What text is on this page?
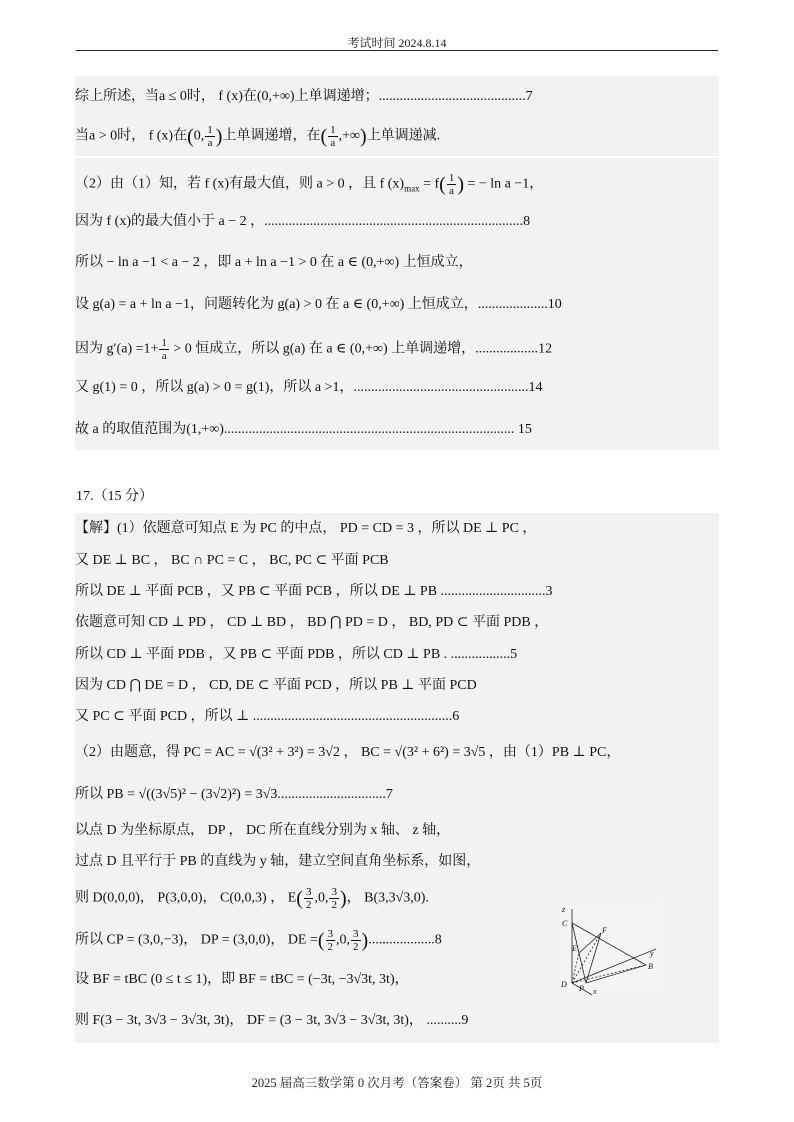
考试时间 2024.8.14
综上所述，当a ≤ 0时， f (x)在(0,+∞)上单调递增；..........................................7
当a > 0时， f (x)在(0, $\frac{1}{a}$ )上单调递增，在( $\frac{1}{a}$ ,+∞)上单调递减.
（2）由（1）知，若 f (x)有最大值，则 a > 0 ，且 f $(x)_{max} = f( \frac{1}{a}$ ) = − ln a −1，
因为 f (x)的最大值小于 a − 2 ，..........................................................................8
所以 − ln a −1 < a − 2 ，即 a + ln a −1 > 0 在 a ∈ (0,+∞) 上恒成立，
设 g(a) = a + ln a −1，问题转化为 g(a) > 0 在 a ∈ (0,+∞) 上恒成立，....................10
因为 $g'(a) =1+ \frac{1}{a} > 0$ 恒成立，所以 g(a) 在 a ∈ (0,+∞) 上单调递增，..................12
又 g(1) = 0 ，所以 g(a) > 0 = g(1)，所以 a >1，..................................................14
故 a 的取值范围为(1,+∞)................................................................................... 15
17.（15 分）
【解】(1）依题意可知点 E 为 PC 的中点， PD = CD = 3 ，所以 DE ⊥ PC ，
又 DE ⊥ BC ， BC ∩ PC = C ， BC, PC ⊂ 平面 PCB
所以 DE ⊥ 平面 PCB ，又 PB ⊂ 平面 PCB ，所以 DE ⊥ PB ..............................3
依题意可知 CD ⊥ PD ， CD ⊥ BD ， BD ⋂ PD = D ， BD, PD ⊂ 平面 PDB ，
所以 CD ⊥ 平面 PDB ，又 PB ⊂ 平面 PDB ，所以 CD ⊥ PB . .................5
因为 CD ⋂ DE = D ， CD, DE ⊂ 平面 PCD ，所以 PB ⊥ 平面 PCD
又 PC ⊂ 平面 PCD ，所以 ⊥ .........................................................6
（2）由题意，得 PC = AC = √(3² + 3²) = 3√2 ， BC = √(3² + 6²) = 3√5 ，由（1）PB ⊥ PC，
所以 PB = √((3√5)² − (3√2)²) = 3√3...............................7
以点 D 为坐标原点， DP ， DC 所在直线分别为 x 轴、 z 轴，
过点 D 且平行于 PB 的直线为 y 轴，建立空间直角坐标系，如图，
则 D(0,0,0)， P(3,0,0)， C(0,0,3) ， $E( \frac{3}{2} ,0$, $\frac{3}{2}$ )， B(3,3√3,0).
所以 CP = (3,0,−3)， DP = (3,0,0)， DE =( $\frac{3}{2} ,0$, $\frac{3}{2} )...................8$
设 BF = tBC (0 ≤ t ≤ 1)，即 BF = tBC = (−3t, −3√3t, 3t)，
则 F(3 − 3t, 3√3 − 3√3t, 3t)， DF = (3 − 3t, 3√3 − 3√3t, 3t)， ..........9
z
C
E
F
D
y
B
P x
2025 届高三数学第 0 次月考（答案卷） 第 2页 共 5页
